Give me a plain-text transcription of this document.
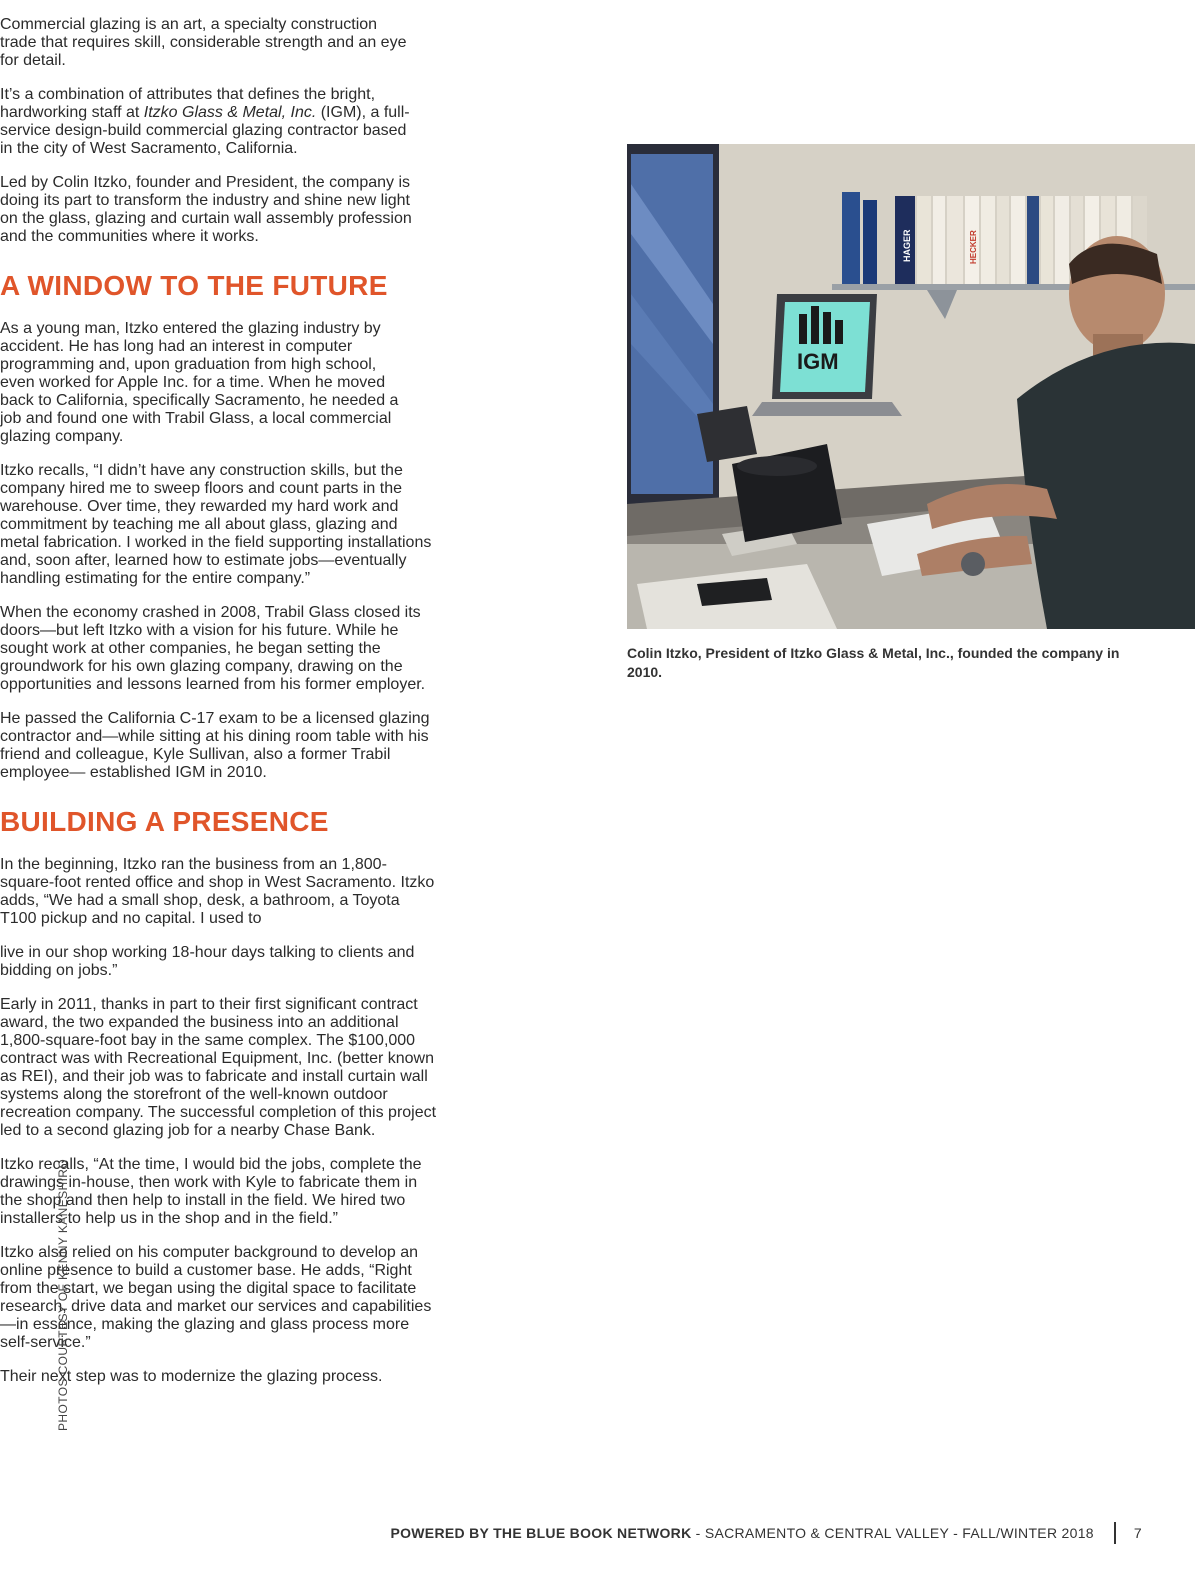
Commercial glazing is an art, a specialty construction trade that requires skill, considerable strength and an eye for detail.

It’s a combination of attributes that defines the bright, hardworking staff at Itzko Glass & Metal, Inc. (IGM), a full-service design-build commercial glazing contractor based in the city of West Sacramento, California.

Led by Colin Itzko, founder and President, the company is doing its part to transform the industry and shine new light on the glass, glazing and curtain wall assembly profession and the communities where it works.

A WINDOW TO THE FUTURE

As a young man, Itzko entered the glazing industry by accident. He has long had an interest in computer programming and, upon graduation from high school, even worked for Apple Inc. for a time. When he moved back to California, specifically Sacramento, he needed a job and found one with Trabil Glass, a local commercial glazing company.

Itzko recalls, “I didn’t have any construction skills, but the company hired me to sweep floors and count parts in the warehouse. Over time, they rewarded my hard work and commitment by teaching me all about glass, glazing and metal fabrication. I worked in the field supporting installations and, soon after, learned how to estimate jobs—eventually handling estimating for the entire company.”

When the economy crashed in 2008, Trabil Glass closed its doors—but left Itzko with a vision for his future. While he sought work at other companies, he began setting the groundwork for his own glazing company, drawing on the opportunities and lessons learned from his former employer.

He passed the California C-17 exam to be a licensed glazing contractor and—while sitting at his dining room table with his friend and colleague, Kyle Sullivan, also a former Trabil employee— established IGM in 2010.

BUILDING A PRESENCE

In the beginning, Itzko ran the business from an 1,800-square-foot rented office and shop in West Sacramento. Itzko adds, “We had a small shop, desk, a bathroom, a Toyota T100 pickup and no capital. I used to

HAGER	HECKER
IGM
Colin Itzko, President of Itzko Glass & Metal, Inc., founded the company in 2010.

live in our shop working 18-hour days talking to clients and bidding on jobs.”

Early in 2011, thanks in part to their first significant contract award, the two expanded the business into an additional 1,800-square-foot bay in the same complex. The $100,000 contract was with Recreational Equipment, Inc. (better known as REI), and their job was to fabricate and install curtain wall systems along the storefront of the well-known outdoor recreation company. The successful completion of this project led to a second glazing job for a nearby Chase Bank.

Itzko recalls, “At the time, I would bid the jobs, complete the drawings in-house, then work with Kyle to fabricate them in the shop and then help to install in the field. We hired two installers to help us in the shop and in the field.”

Itzko also relied on his computer background to develop an online presence to build a customer base. He adds, “Right from the start, we began using the digital space to facilitate research, drive data and market our services and capabilities—in essence, making the glazing and glass process more self-service.”

Their next step was to modernize the glazing process.

PHOTOS COURTESY OF KENNY KANESHIRO
POWERED BY THE BLUE BOOK NETWORK - SACRAMENTO & CENTRAL VALLEY - FALL/WINTER 2018	7
